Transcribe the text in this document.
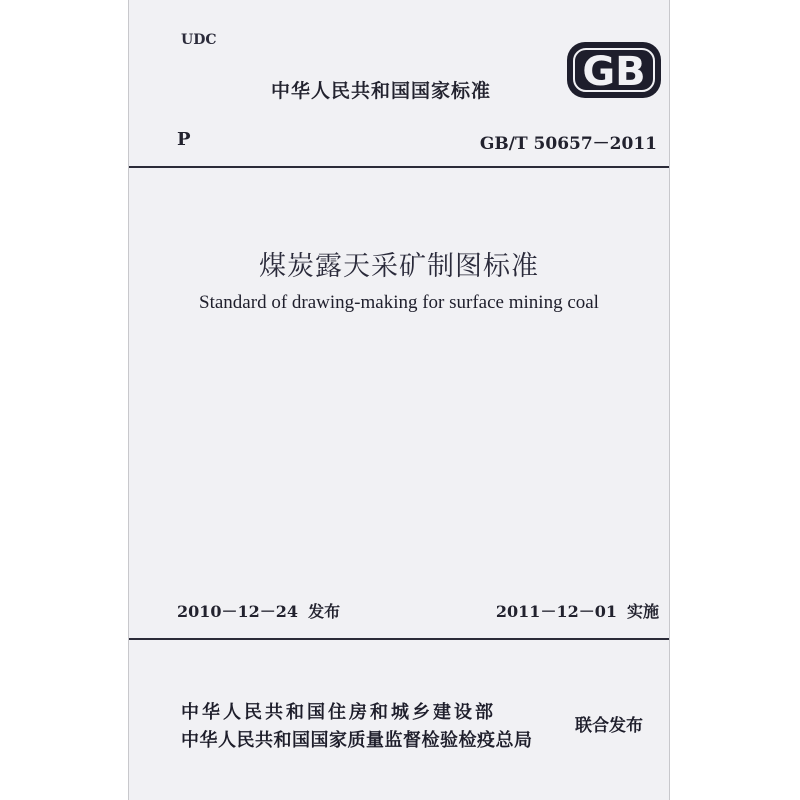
UDC
中华人民共和国国家标准 GB
P	GB/T 50657－2011
煤炭露天采矿制图标准
Standard of drawing-making for surface mining coal
2010－12－24 发布	2011－12－01 实施
中华人民共和国住房和城乡建设部
中华人民共和国国家质量监督检验检疫总局
联合发布
